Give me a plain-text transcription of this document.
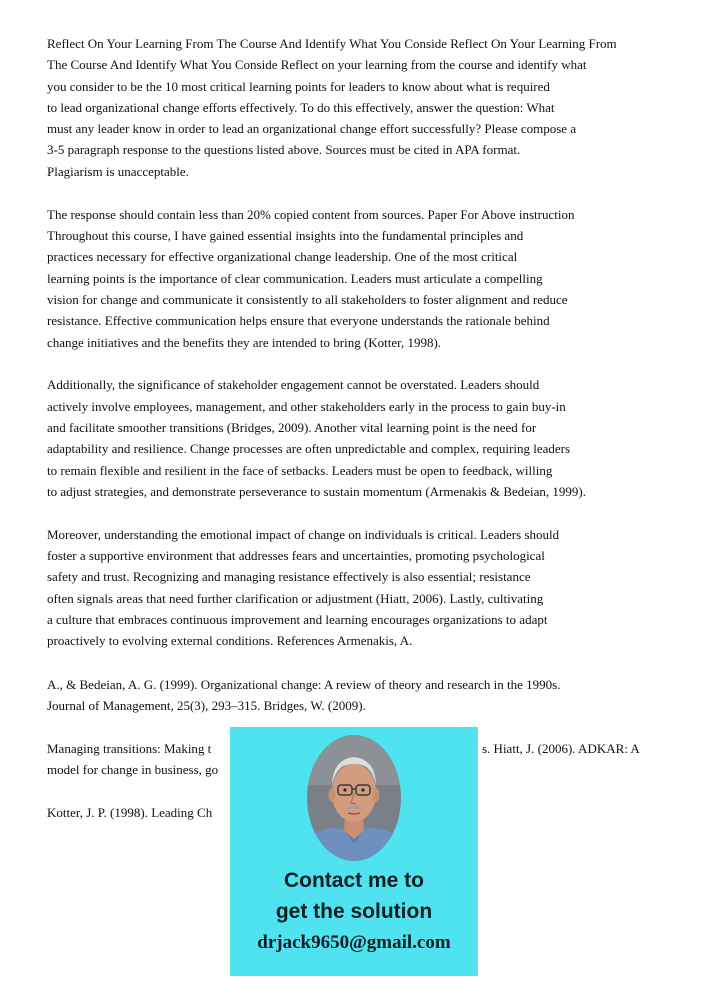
Reflect On Your Learning From The Course And Identify What You Conside Reflect On Your Learning From
The Course And Identify What You Conside Reflect on your learning from the course and identify what
you consider to be the 10 most critical learning points for leaders to know about what is required
to lead organizational change efforts effectively. To do this effectively, answer the question: What
must any leader know in order to lead an organizational change effort successfully? Please compose a
3-5 paragraph response to the questions listed above. Sources must be cited in APA format.
Plagiarism is unacceptable.
The response should contain less than 20% copied content from sources. Paper For Above instruction
Throughout this course, I have gained essential insights into the fundamental principles and
practices necessary for effective organizational change leadership. One of the most critical
learning points is the importance of clear communication. Leaders must articulate a compelling
vision for change and communicate it consistently to all stakeholders to foster alignment and reduce
resistance. Effective communication helps ensure that everyone understands the rationale behind
change initiatives and the benefits they are intended to bring (Kotter, 1998).
Additionally, the significance of stakeholder engagement cannot be overstated. Leaders should
actively involve employees, management, and other stakeholders early in the process to gain buy-in
and facilitate smoother transitions (Bridges, 2009). Another vital learning point is the need for
adaptability and resilience. Change processes are often unpredictable and complex, requiring leaders
to remain flexible and resilient in the face of setbacks. Leaders must be open to feedback, willing
to adjust strategies, and demonstrate perseverance to sustain momentum (Armenakis & Bedeian, 1999).
Moreover, understanding the emotional impact of change on individuals is critical. Leaders should
foster a supportive environment that addresses fears and uncertainties, promoting psychological
safety and trust. Recognizing and managing resistance effectively is also essential; resistance
often signals areas that need further clarification or adjustment (Hiatt, 2006). Lastly, cultivating
a culture that embraces continuous improvement and learning encourages organizations to adapt
proactively to evolving external conditions. References Armenakis, A.
A., & Bedeian, A. G. (1999). Organizational change: A review of theory and research in the 1990s.
Journal of Management, 25(3), 293–315. Bridges, W. (2009).
Managing transitions: Making t	s. Hiatt, J. (2006). ADKAR: A
model for change in business, go
Kotter, J. P. (1998). Leading Ch
Contact me to
get the solution
drjack9650@gmail.com
